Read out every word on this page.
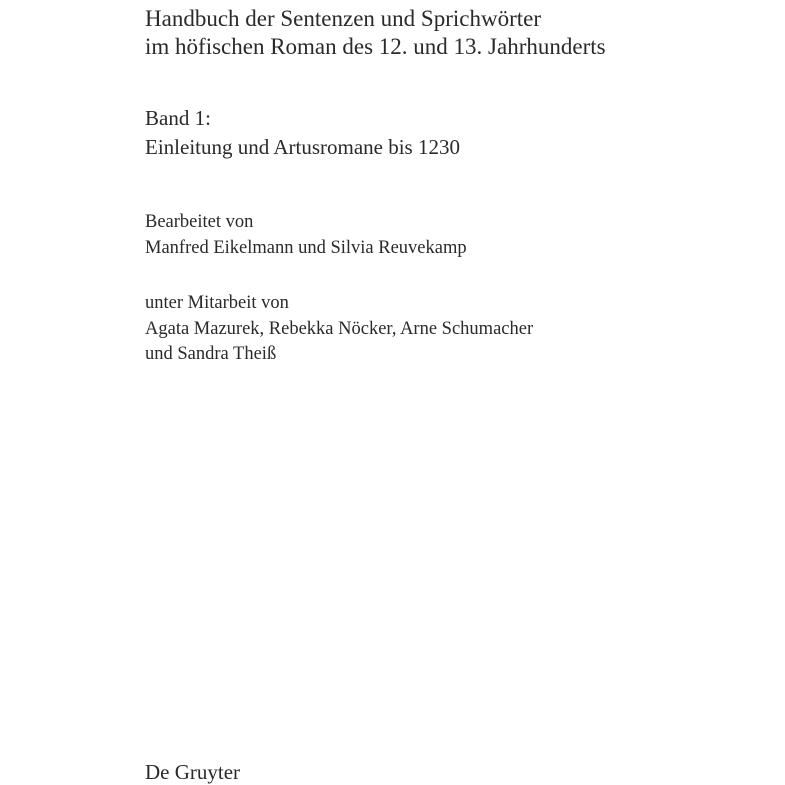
Handbuch der Sentenzen und Sprichwörter

im höfischen Roman des 12. und 13. Jahrhunderts

Band 1:

Einleitung und Artusromane bis 1230

Bearbeitet von

Manfred Eikelmann und Silvia Reuvekamp

unter Mitarbeit von

Agata Mazurek, Rebekka Nöcker, Arne Schumacher

und Sandra Theiß

De Gruyter
